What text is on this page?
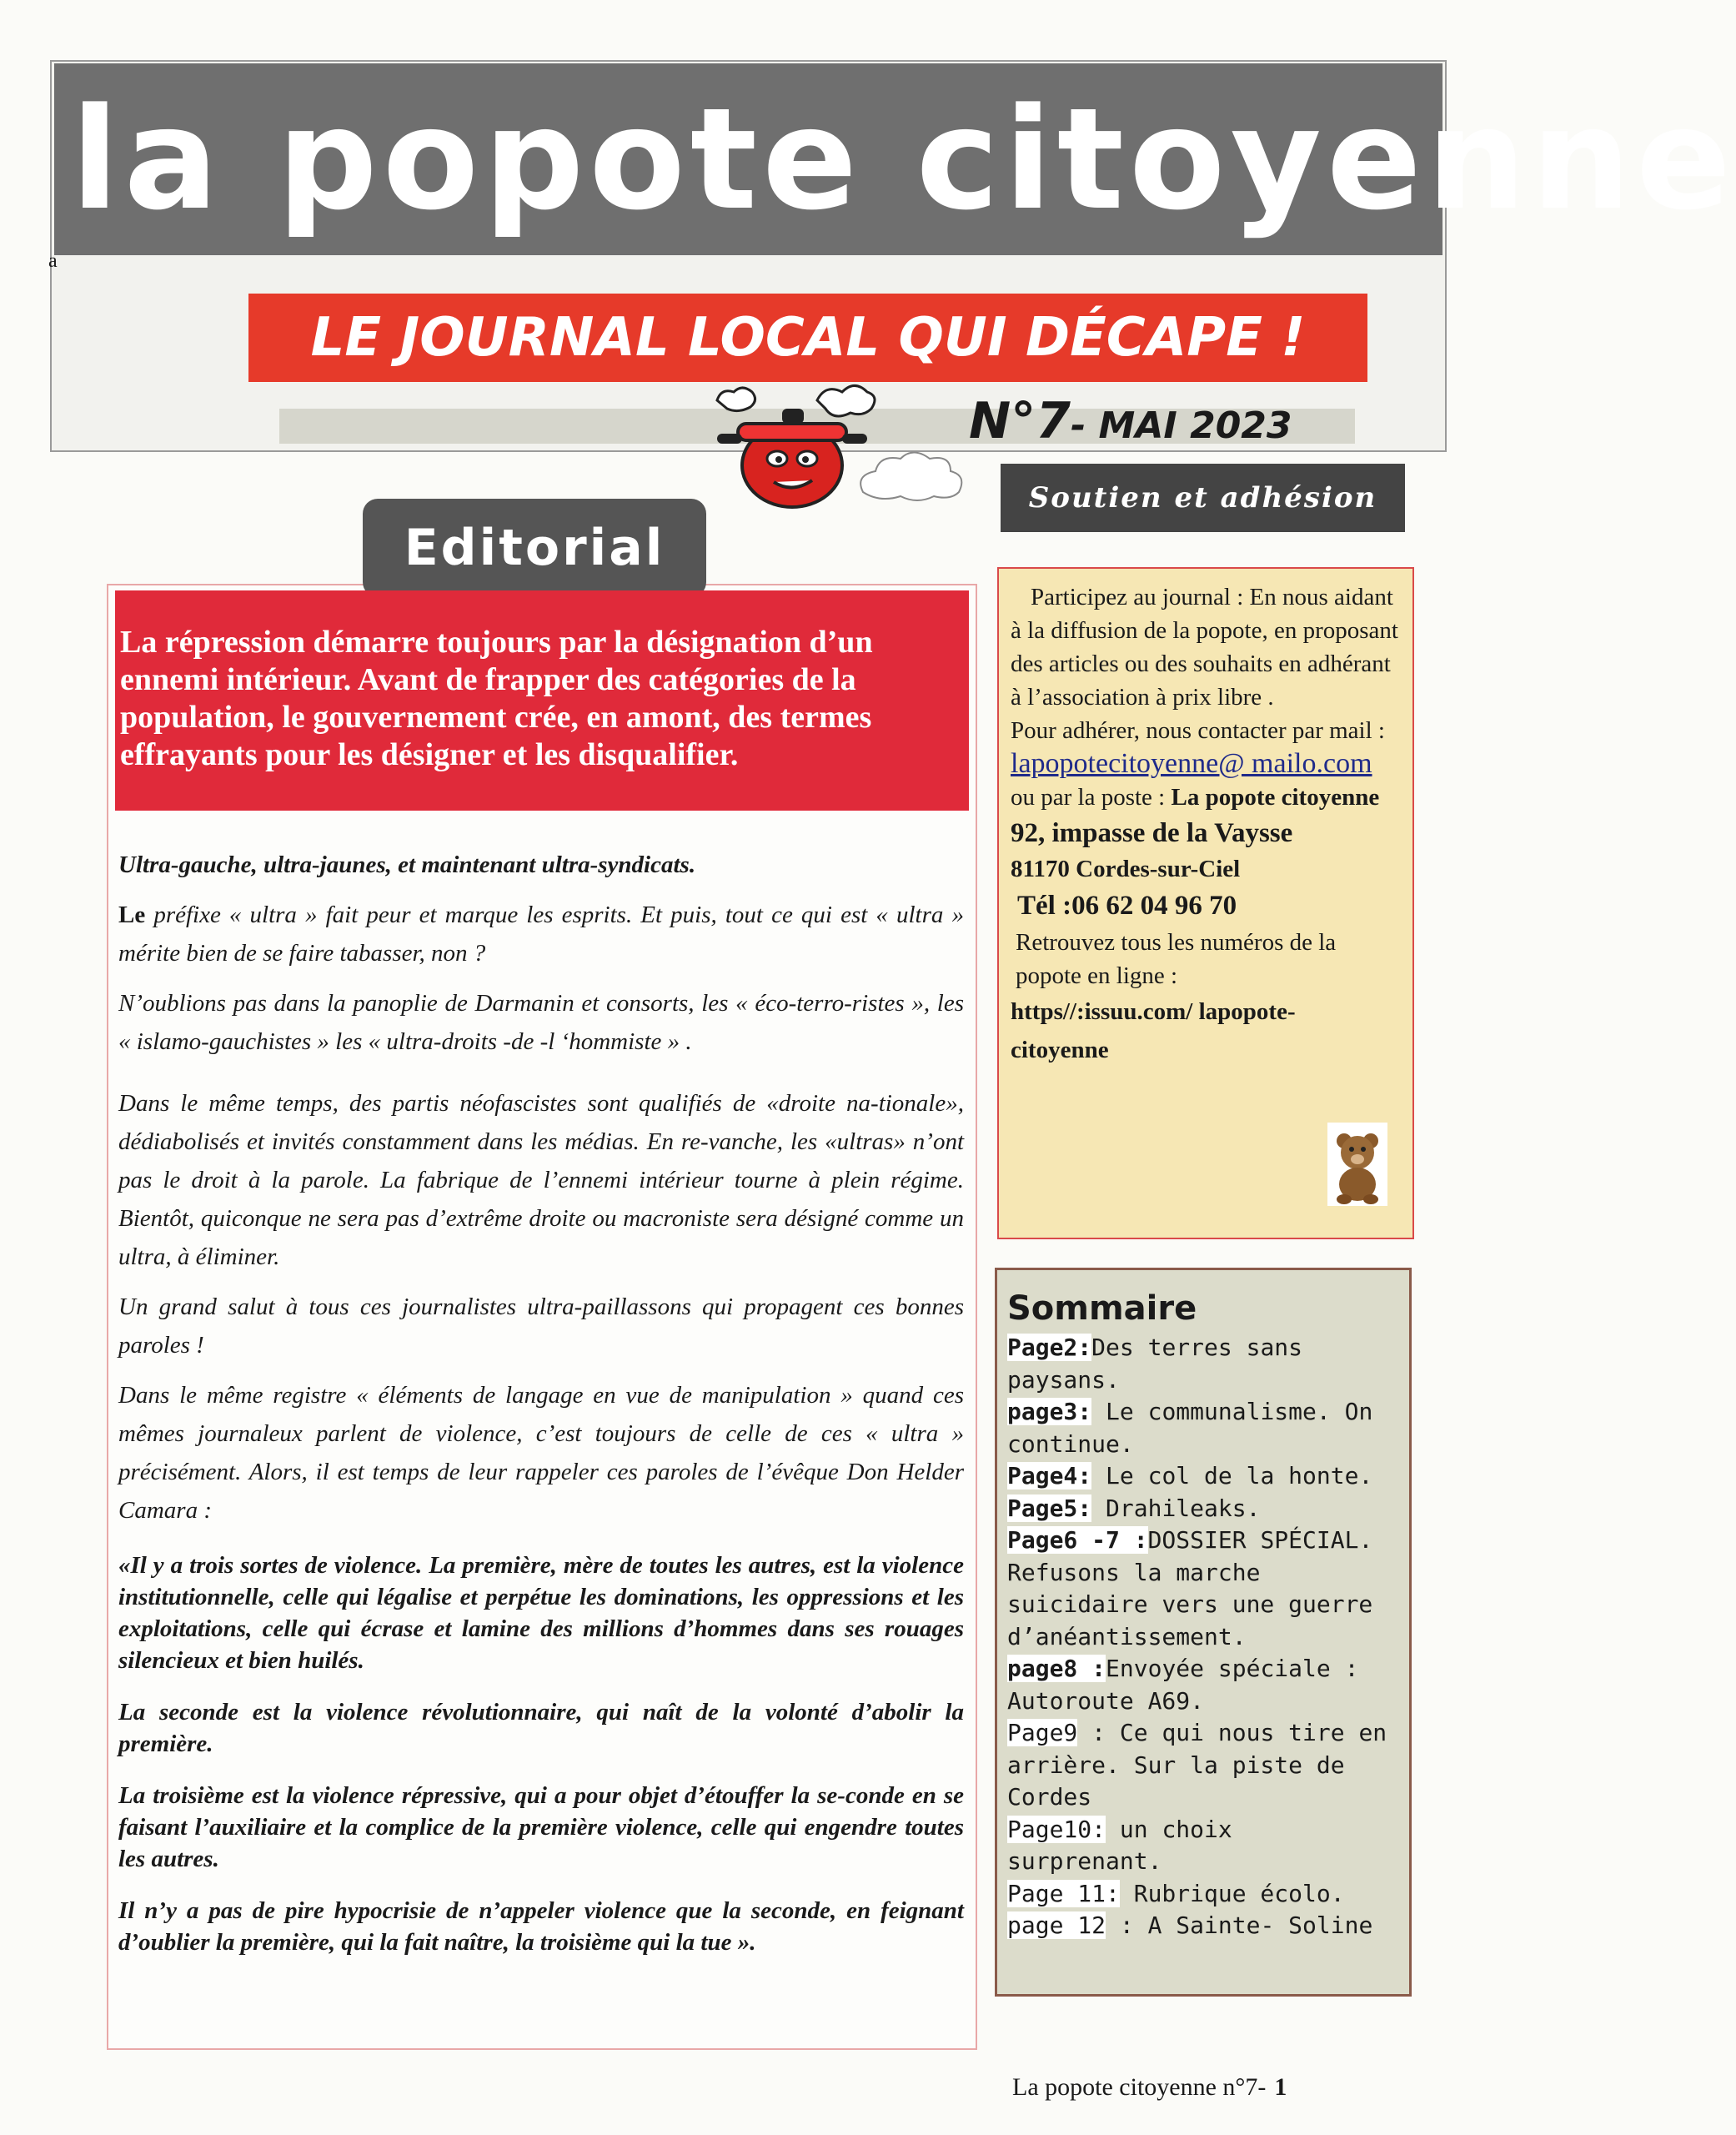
la popote citoyenne
a
LE JOURNAL LOCAL QUI DÉCAPE !
N°7- MAI 2023
Editorial
La répression démarre toujours par la désignation d’un ennemi intérieur. Avant de frapper des catégories de la population, le gouvernement crée, en amont, des termes effrayants pour les désigner et les disqualifier.

Ultra-gauche, ultra-jaunes, et maintenant ultra-syndicats.

Le préfixe « ultra » fait peur et marque les esprits. Et puis, tout ce qui est « ultra » mérite bien de se faire tabasser, non ?

N’oublions pas dans la panoplie de Darmanin et consorts, les « éco-terro-ristes », les « islamo-gauchistes » les « ultra-droits -de -l ‘hommiste » .

Dans le même temps, des partis néofascistes sont qualifiés de «droite na-tionale», dédiabolisés et invités constamment dans les médias. En re-vanche, les «ultras» n’ont pas le droit à la parole. La fabrique de l’ennemi intérieur tourne à plein régime. Bientôt, quiconque ne sera pas d’extrême droite ou macroniste sera désigné comme un ultra, à éliminer.

Un grand salut à tous ces journalistes ultra-paillassons qui propagent ces bonnes paroles !

Dans le même registre « éléments de langage en vue de manipulation » quand ces mêmes journaleux parlent de violence, c’est toujours de celle de ces « ultra » précisément. Alors, il est temps de leur rappeler ces paroles de l’évêque Don Helder Camara :

«Il y a trois sortes de violence. La première, mère de toutes les autres, est la violence institutionnelle, celle qui légalise et perpétue les dominations, les oppressions et les exploitations, celle qui écrase et lamine des millions d’hommes dans ses rouages silencieux et bien huilés.

La seconde est la violence révolutionnaire, qui naît de la volonté d’abolir la première.

La troisième est la violence répressive, qui a pour objet d’étouffer la se-conde en se faisant l’auxiliaire et la complice de la première violence, celle qui engendre toutes les autres.

Il n’y a pas de pire hypocrisie de n’appeler violence que la seconde, en feignant d’oublier la première, qui la fait naître, la troisième qui la tue ».

Soutien et adhésion
Participez au journal : En nous aidant à la diffusion de la popote, en proposant des articles ou des souhaits en adhérant à l’association à prix libre .
Pour adhérer, nous contacter par mail :
lapopotecitoyenne@ mailo.com
ou par la poste : La popote citoyenne
92, impasse de la Vaysse
81170 Cordes-sur-Ciel
Tél :06 62 04 96 70
Retrouvez tous les numéros de la popote en ligne :
https//:issuu.com/ lapopote-citoyenne
Sommaire
Page2:Des terres sans paysans.
page3: Le communalisme. On continue.
Page4: Le col de la honte.
Page5: Drahileaks.
Page6 -7 :DOSSIER SPÉCIAL. Refusons la marche suicidaire vers une guerre d’anéantissement.
page8 :Envoyée spéciale : Autoroute A69.
Page9 : Ce qui nous tire en arrière. Sur la piste de Cordes
Page10: un choix surprenant.
Page 11: Rubrique écolo.
page 12 : A Sainte- Soline
La popote citoyenne n°7- 1
